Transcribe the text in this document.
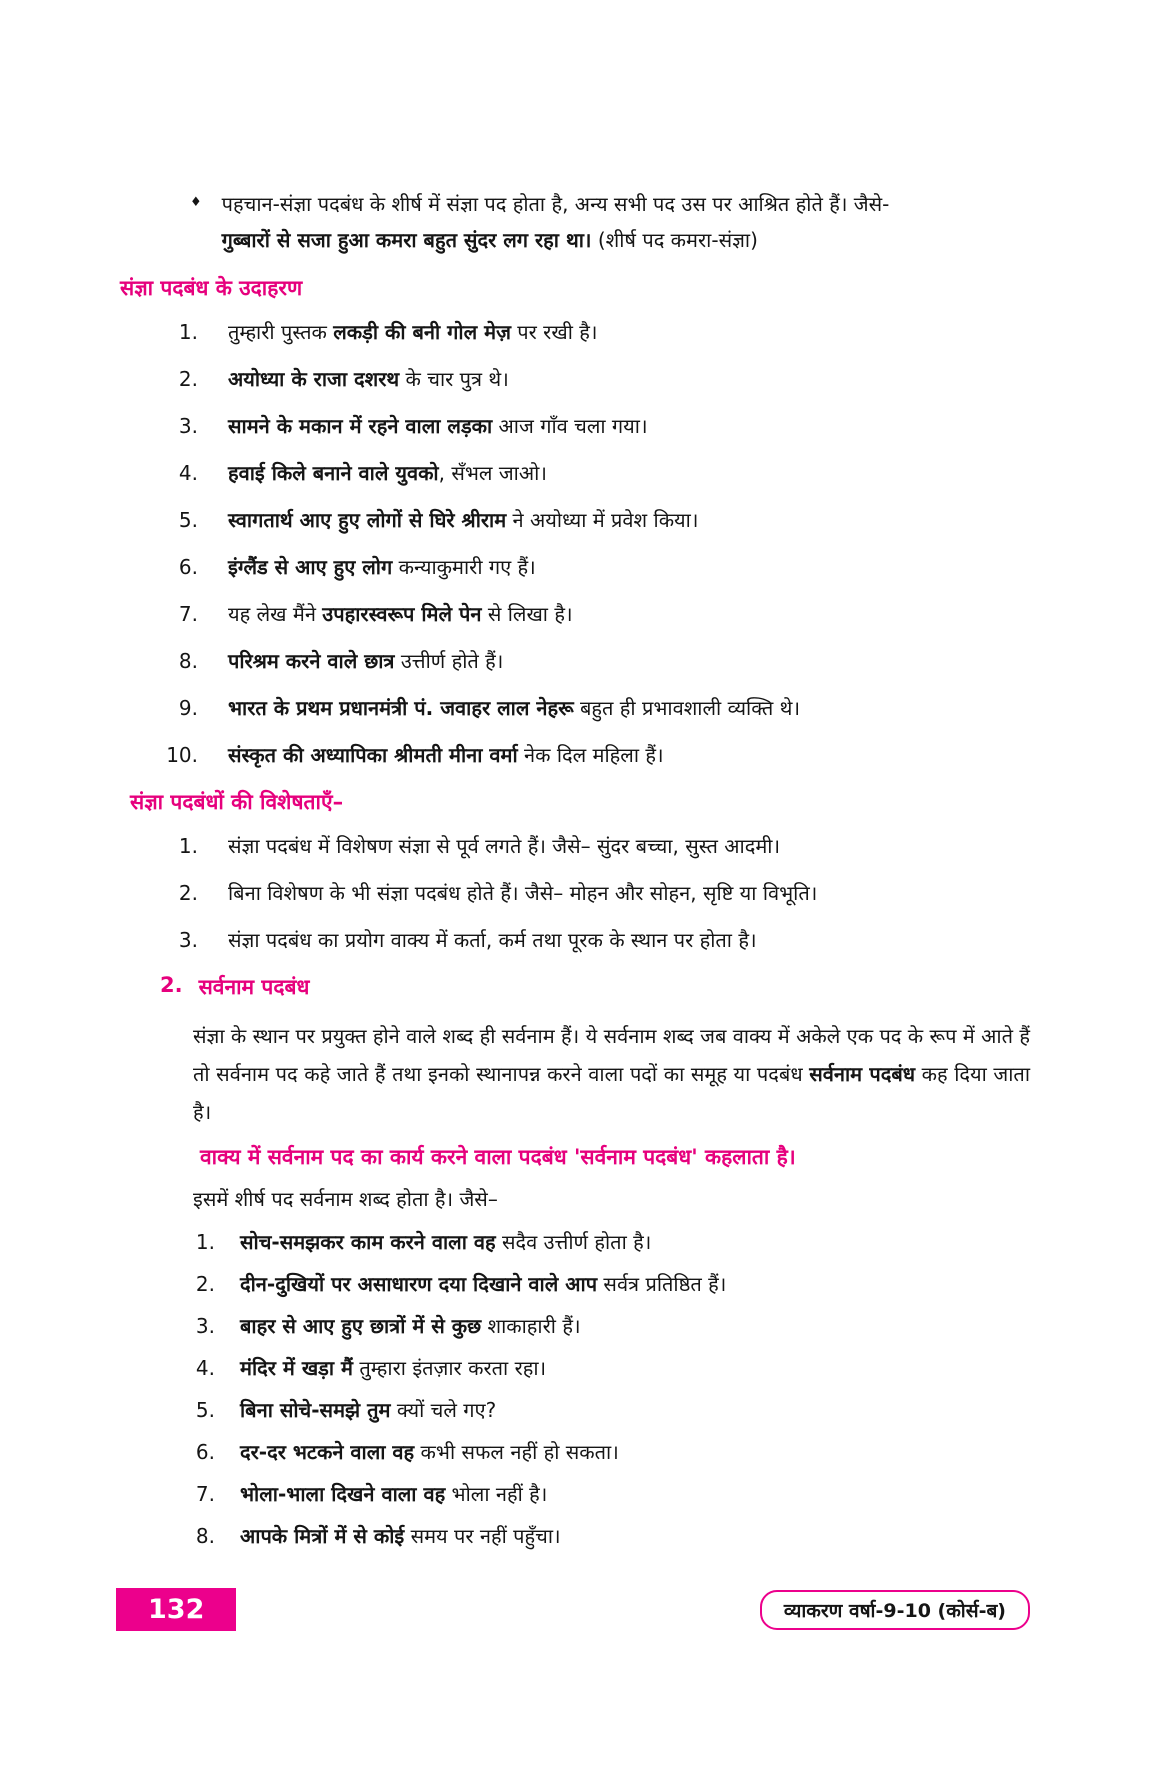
♦ पहचान-संज्ञा पदबंध के शीर्ष में संज्ञा पद होता है, अन्य सभी पद उस पर आश्रित होते हैं। जैसे-
गुब्बारों से सजा हुआ कमरा बहुत सुंदर लग रहा था। (शीर्ष पद कमरा-संज्ञा)
संज्ञा पदबंध के उदाहरण
1. तुम्हारी पुस्तक लकड़ी की बनी गोल मेज़ पर रखी है।
2. अयोध्या के राजा दशरथ के चार पुत्र थे।
3. सामने के मकान में रहने वाला लड़का आज गाँव चला गया।
4. हवाई किले बनाने वाले युवको, सँभल जाओ।
5. स्वागतार्थ आए हुए लोगों से घिरे श्रीराम ने अयोध्या में प्रवेश किया।
6. इंग्लैंड से आए हुए लोग कन्याकुमारी गए हैं।
7. यह लेख मैंने उपहारस्वरूप मिले पेन से लिखा है।
8. परिश्रम करने वाले छात्र उत्तीर्ण होते हैं।
9. भारत के प्रथम प्रधानमंत्री पं. जवाहर लाल नेहरू बहुत ही प्रभावशाली व्यक्ति थे।
10. संस्कृत की अध्यापिका श्रीमती मीना वर्मा नेक दिल महिला हैं।
संज्ञा पदबंधों की विशेषताएँ–
1. संज्ञा पदबंध में विशेषण संज्ञा से पूर्व लगते हैं। जैसे– सुंदर बच्चा, सुस्त आदमी।
2. बिना विशेषण के भी संज्ञा पदबंध होते हैं। जैसे– मोहन और सोहन, सृष्टि या विभूति।
3. संज्ञा पदबंध का प्रयोग वाक्य में कर्ता, कर्म तथा पूरक के स्थान पर होता है।
2. सर्वनाम पदबंध

संज्ञा के स्थान पर प्रयुक्त होने वाले शब्द ही सर्वनाम हैं। ये सर्वनाम शब्द जब वाक्य में अकेले एक पद के रूप में आते हैं तो सर्वनाम पद कहे जाते हैं तथा इनको स्थानापन्न करने वाला पदों का समूह या पदबंध सर्वनाम पदबंध कह दिया जाता है।

वाक्य में सर्वनाम पद का कार्य करने वाला पदबंध 'सर्वनाम पदबंध' कहलाता है।

इसमें शीर्ष पद सर्वनाम शब्द होता है। जैसे–

1. सोच-समझकर काम करने वाला वह सदैव उत्तीर्ण होता है।
2. दीन-दुखियों पर असाधारण दया दिखाने वाले आप सर्वत्र प्रतिष्ठित हैं।
3. बाहर से आए हुए छात्रों में से कुछ शाकाहारी हैं।
4. मंदिर में खड़ा मैं तुम्हारा इंतज़ार करता रहा।
5. बिना सोचे-समझे तुम क्यों चले गए?
6. दर-दर भटकने वाला वह कभी सफल नहीं हो सकता।
7. भोला-भाला दिखने वाला वह भोला नहीं है।
8. आपके मित्रों में से कोई समय पर नहीं पहुँचा।
132	व्याकरण वर्षा-9-10 (कोर्स-ब)
